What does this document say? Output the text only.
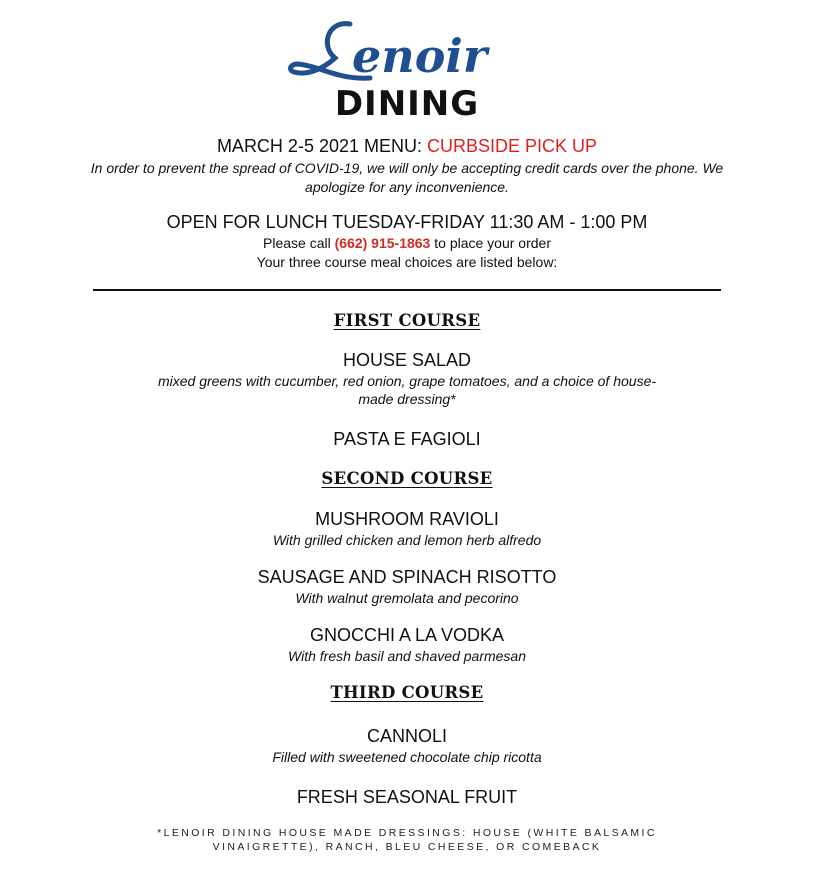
enoir
DINING
MARCH 2-5 2021 MENU: CURBSIDE PICK UP
In order to prevent the spread of COVID-19, we will only be accepting credit cards over the phone. We apologize for any inconvenience.
OPEN FOR LUNCH TUESDAY-FRIDAY 11:30 AM - 1:00 PM
Please call (662) 915-1863 to place your order
Your three course meal choices are listed below:
FIRST COURSE
HOUSE SALAD
mixed greens with cucumber, red onion, grape tomatoes, and a choice of house-
made dressing*
PASTA E FAGIOLI
SECOND COURSE
MUSHROOM RAVIOLI
With grilled chicken and lemon herb alfredo
SAUSAGE AND SPINACH RISOTTO
With walnut gremolata and pecorino
GNOCCHI A LA VODKA
With fresh basil and shaved parmesan
THIRD COURSE
CANNOLI
Filled with sweetened chocolate chip ricotta
FRESH SEASONAL FRUIT
*LENOIR DINING HOUSE MADE DRESSINGS: HOUSE (WHITE BALSAMIC
VINAIGRETTE), RANCH, BLEU CHEESE, OR COMEBACK
